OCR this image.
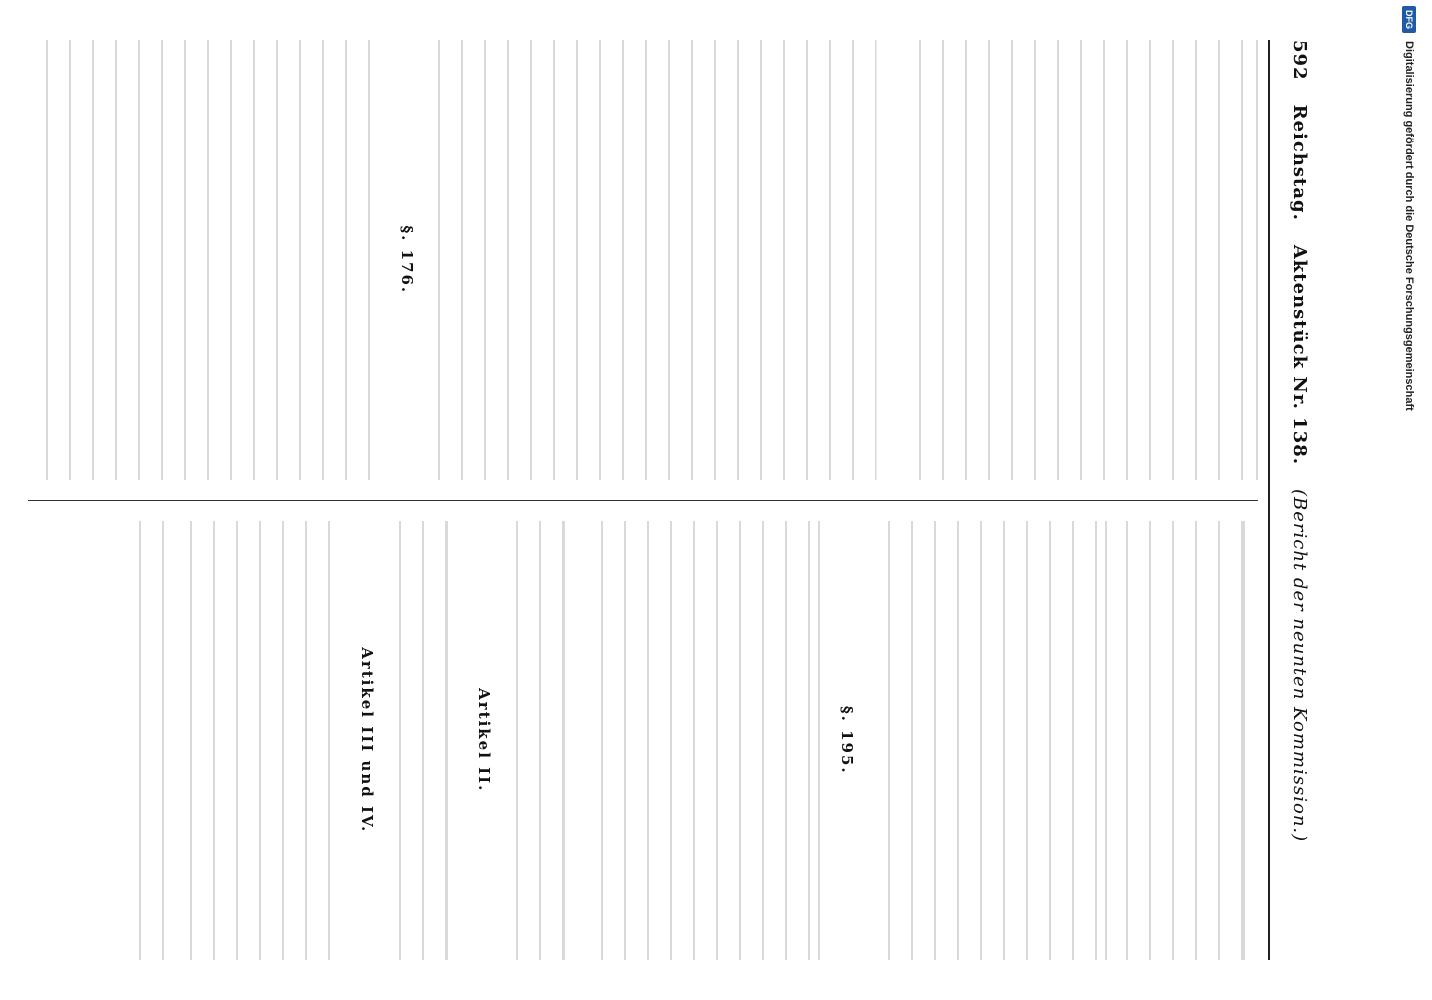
592
Reichstag.
Aktenstück Nr. 138.
(Bericht der neunten Kommission.)
§. 176.
§. 195.
Artikel II.
Artikel III und IV.
DFG
Digitalisierung gefördert durch die Deutsche Forschungsgemeinschaft
